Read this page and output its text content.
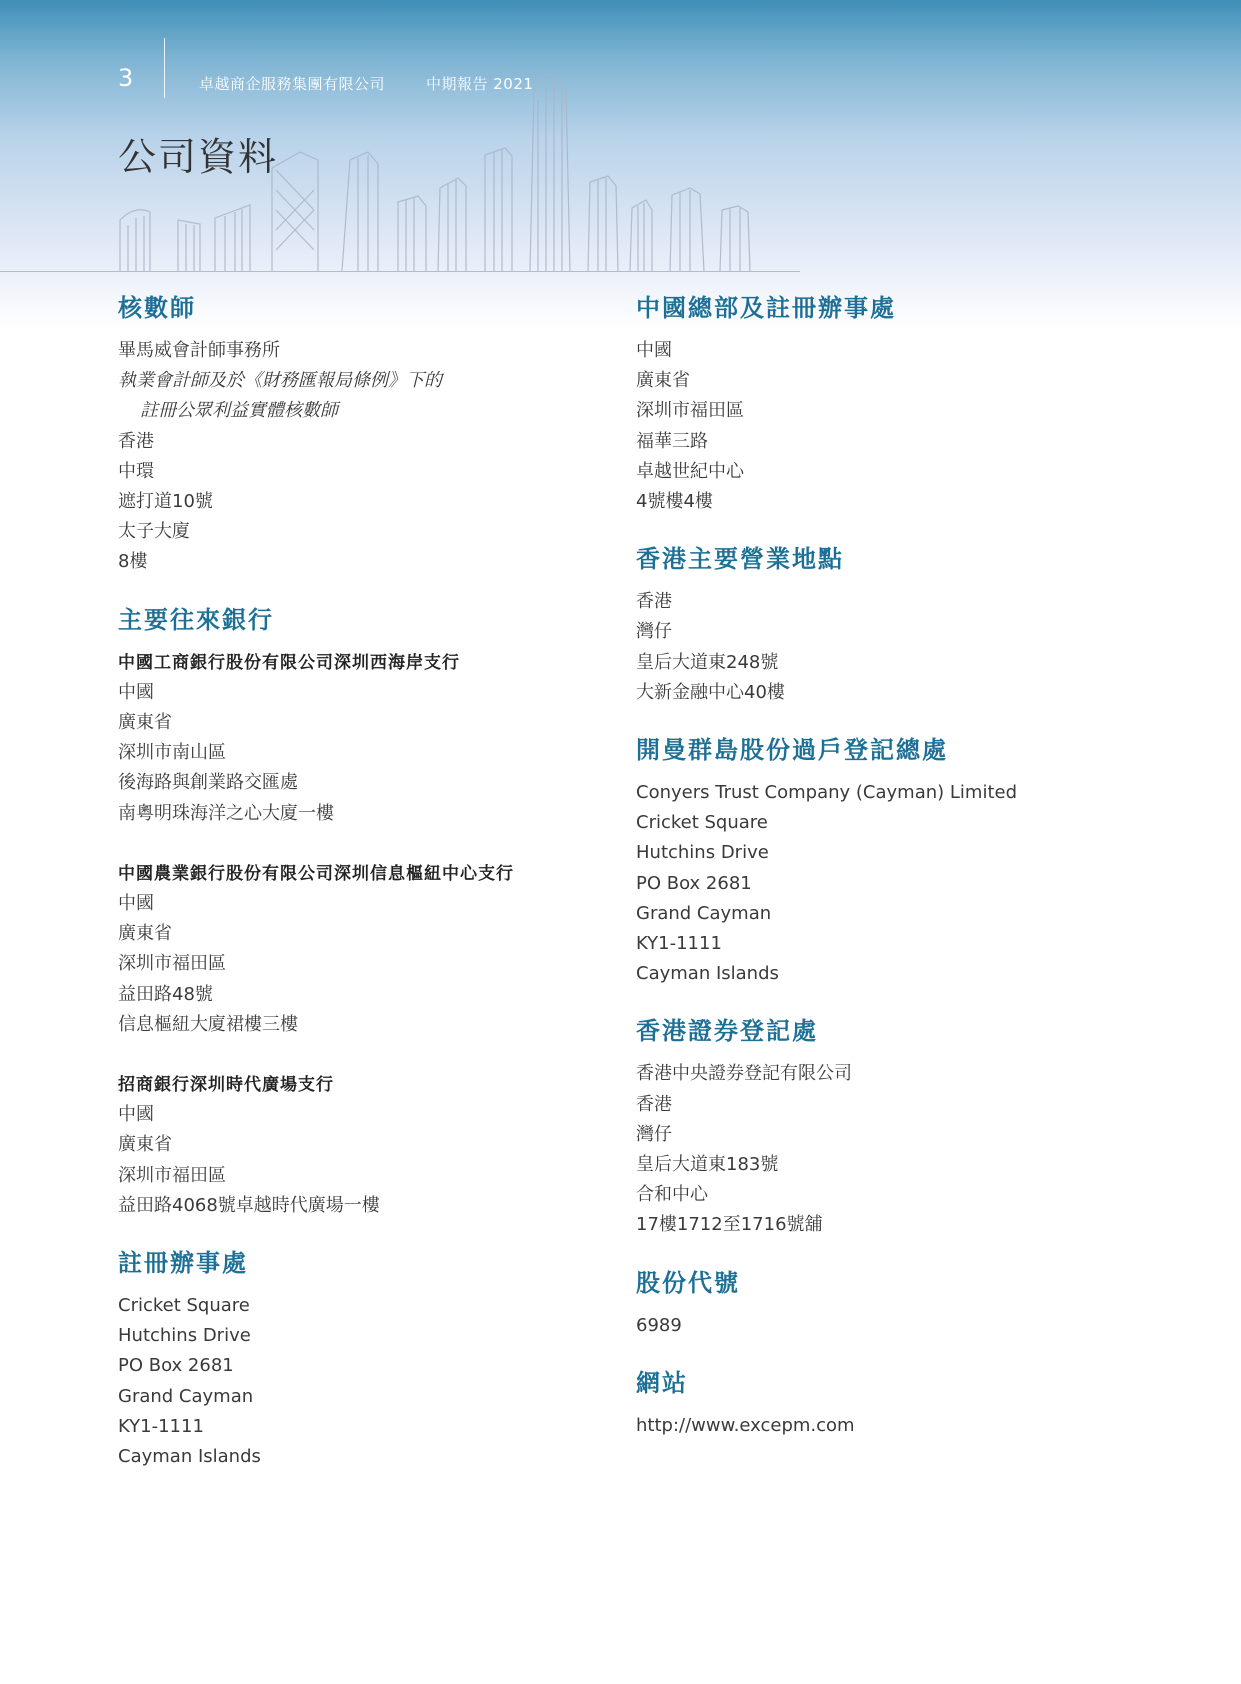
3	卓越商企服務集團有限公司	中期報告 2021
公司資料
核數師
畢馬威會計師事務所
執業會計師及於《財務匯報局條例》下的
註冊公眾利益實體核數師
香港
中環
遮打道10號
太子大廈
8樓
主要往來銀行
中國工商銀行股份有限公司深圳西海岸支行
中國
廣東省
深圳市南山區
後海路與創業路交匯處
南粵明珠海洋之心大廈一樓
中國農業銀行股份有限公司深圳信息樞紐中心支行
中國
廣東省
深圳市福田區
益田路48號
信息樞紐大廈裙樓三樓
招商銀行深圳時代廣場支行
中國
廣東省
深圳市福田區
益田路4068號卓越時代廣場一樓
註冊辦事處
Cricket Square
Hutchins Drive
PO Box 2681
Grand Cayman
KY1-1111
Cayman Islands
中國總部及註冊辦事處
中國
廣東省
深圳市福田區
福華三路
卓越世紀中心
4號樓4樓
香港主要營業地點
香港
灣仔
皇后大道東248號
大新金融中心40樓
開曼群島股份過戶登記總處
Conyers Trust Company (Cayman) Limited
Cricket Square
Hutchins Drive
PO Box 2681
Grand Cayman
KY1-1111
Cayman Islands
香港證券登記處
香港中央證券登記有限公司
香港
灣仔
皇后大道東183號
合和中心
17樓1712至1716號舖
股份代號
6989
網站
http://www.excepm.com
